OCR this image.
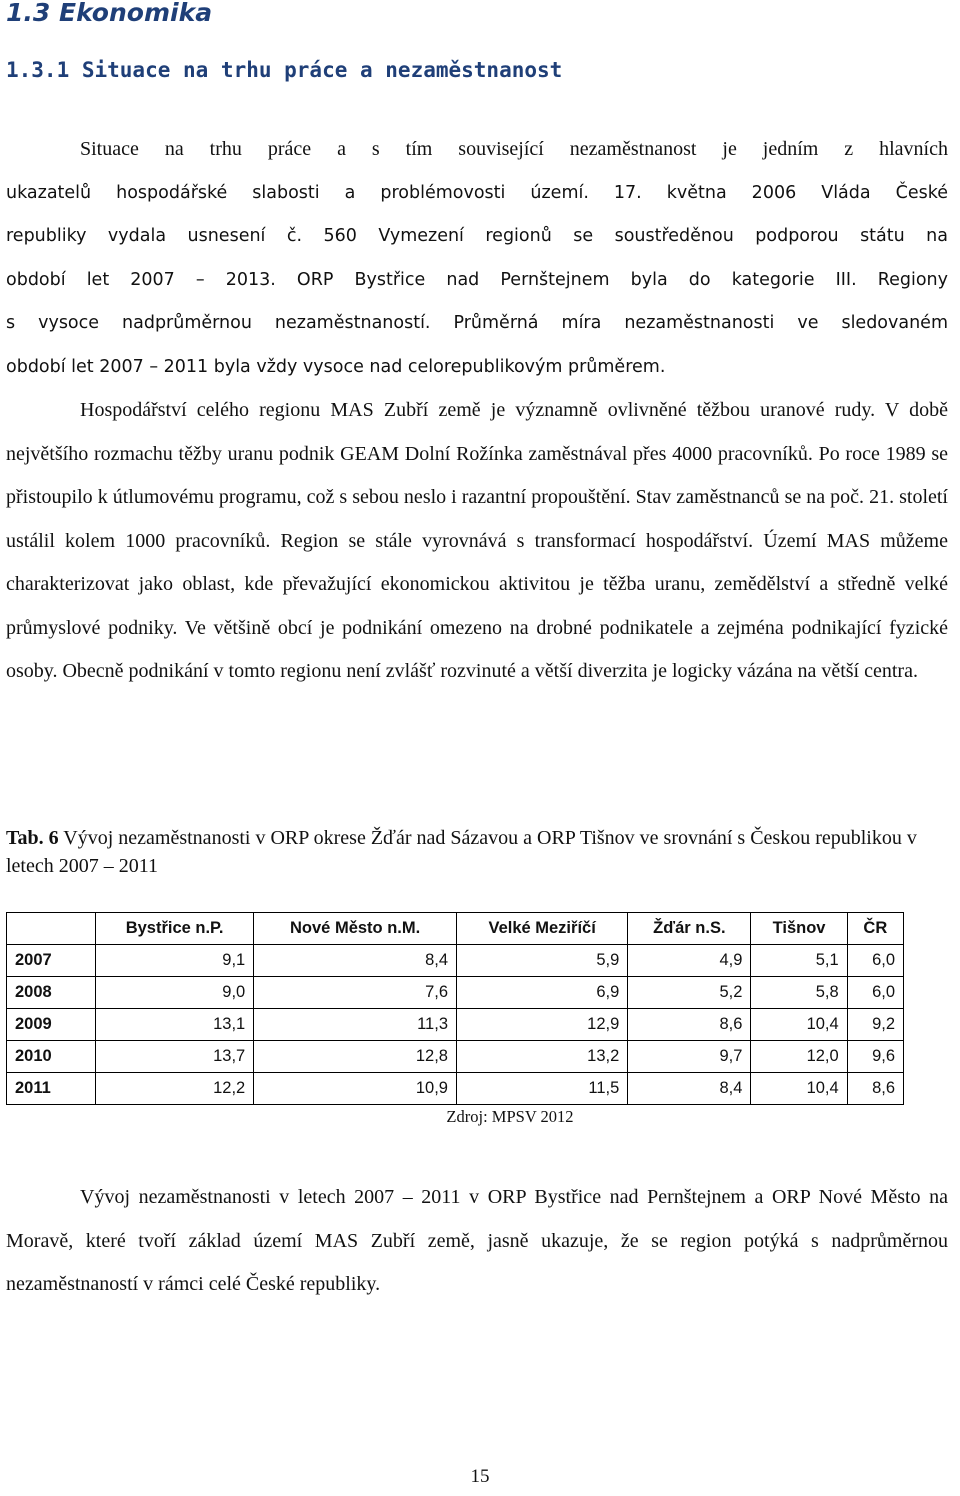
1.3 Ekonomika
1.3.1 Situace na trhu práce a nezaměstnanost
Situace na trhu práce a s tím související nezaměstnanost je jedním z hlavních
ukazatelů hospodářské slabosti a problémovosti území. 17. května 2006 Vláda České
republiky vydala usnesení č. 560 Vymezení regionů se soustředěnou podporou státu na
období let 2007 – 2013. ORP Bystřice nad Pernštejnem byla do kategorie III. Regiony
s vysoce nadprůměrnou nezaměstnaností. Průměrná míra nezaměstnanosti ve sledovaném
období let 2007 – 2011 byla vždy vysoce nad celorepublikovým průměrem.

Hospodářství celého regionu MAS Zubří země je významně ovlivněné těžbou uranové rudy. V době největšího rozmachu těžby uranu podnik GEAM Dolní Rožínka zaměstnával přes 4000 pracovníků. Po roce 1989 se přistoupilo k útlumovému programu, což s sebou neslo i razantní propouštění. Stav zaměstnanců se na poč. 21. století ustálil kolem 1000 pracovníků. Region se stále vyrovnává s transformací hospodářství. Území MAS můžeme charakterizovat jako oblast, kde převažující ekonomickou aktivitou je těžba uranu, zemědělství a středně velké průmyslové podniky. Ve většině obcí je podnikání omezeno na drobné podnikatele a zejména podnikající fyzické osoby. Obecně podnikání v tomto regionu není zvlášť rozvinuté a větší diverzita je logicky vázána na větší centra.

Tab. 6 Vývoj nezaměstnanosti v ORP okrese Žďár nad Sázavou a ORP Tišnov ve srovnání s Českou republikou v letech 2007 – 2011

	Bystřice n.P.	Nové Město n.M.	Velké Meziříčí	Žďár n.S.	Tišnov	ČR
2007	9,1	8,4	5,9	4,9	5,1	6,0
2008	9,0	7,6	6,9	5,2	5,8	6,0
2009	13,1	11,3	12,9	8,6	10,4	9,2
2010	13,7	12,8	13,2	9,7	12,0	9,6
2011	12,2	10,9	11,5	8,4	10,4	8,6
Zdroj: MPSV 2012

Vývoj nezaměstnanosti v letech 2007 – 2011 v ORP Bystřice nad Pernštejnem a ORP Nové Město na Moravě, které tvoří základ území MAS Zubří země, jasně ukazuje, že se region potýká s nadprůměrnou nezaměstnaností v rámci celé České republiky.

15
